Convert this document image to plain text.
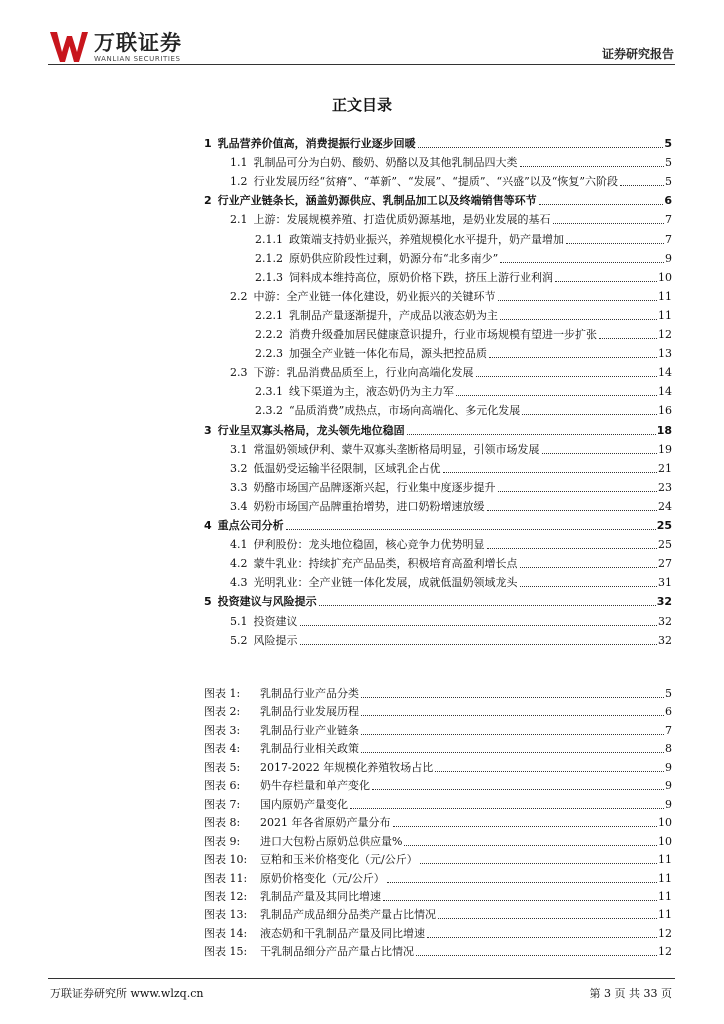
万联证券
WANLIAN SECURITIES	证券研究报告
正文目录
1 乳品营养价值高，消费提振行业逐步回暖	5
1.1 乳制品可分为白奶、酸奶、奶酪以及其他乳制品四大类	5
1.2 行业发展历经“贫瘠”、“革新”、“发展”、“提质”、“兴盛”以及“恢复”六阶段	5
2 行业产业链条长，涵盖奶源供应、乳制品加工以及终端销售等环节	6
2.1 上游：发展规模养殖、打造优质奶源基地，是奶业发展的基石	7
2.1.1 政策端支持奶业振兴，养殖规模化水平提升，奶产量增加	7
2.1.2 原奶供应阶段性过剩，奶源分布“北多南少”	9
2.1.3 饲料成本维持高位，原奶价格下跌，挤压上游行业利润	10
2.2 中游：全产业链一体化建设，奶业振兴的关键环节	11
2.2.1 乳制品产量逐渐提升，产成品以液态奶为主	11
2.2.2 消费升级叠加居民健康意识提升，行业市场规模有望进一步扩张	12
2.2.3 加强全产业链一体化布局，源头把控品质	13
2.3 下游：乳品消费品质至上，行业向高端化发展	14
2.3.1 线下渠道为主，液态奶仍为主力军	14
2.3.2 “品质消费”成热点，市场向高端化、多元化发展	16
3 行业呈双寡头格局，龙头领先地位稳固	18
3.1 常温奶领域伊利、蒙牛双寡头垄断格局明显，引领市场发展	19
3.2 低温奶受运输半径限制，区域乳企占优	21
3.3 奶酪市场国产品牌逐渐兴起，行业集中度逐步提升	23
3.4 奶粉市场国产品牌重抬增势，进口奶粉增速放缓	24
4 重点公司分析	25
4.1 伊利股份：龙头地位稳固，核心竞争力优势明显	25
4.2 蒙牛乳业：持续扩充产品品类，积极培育高盈利增长点	27
4.3 光明乳业：全产业链一体化发展，成就低温奶领域龙头	31
5 投资建议与风险提示	32
5.1 投资建议	32
5.2 风险提示	32
图表 1:	乳制品行业产品分类	5
图表 2:	乳制品行业发展历程	6
图表 3:	乳制品行业产业链条	7
图表 4:	乳制品行业相关政策	8
图表 5:	2017-2022 年规模化养殖牧场占比	9
图表 6:	奶牛存栏量和单产变化	9
图表 7:	国内原奶产量变化	9
图表 8:	2021 年各省原奶产量分布	10
图表 9:	进口大包粉占原奶总供应量%	10
图表 10:	豆粕和玉米价格变化（元/公斤）	11
图表 11:	原奶价格变化（元/公斤）	11
图表 12:	乳制品产量及其同比增速	11
图表 13:	乳制品产成品细分品类产量占比情况	11
图表 14:	液态奶和干乳制品产量及同比增速	12
图表 15:	干乳制品细分产品产量占比情况	12
万联证券研究所 www.wlzq.cn	第 3 页 共 33 页
